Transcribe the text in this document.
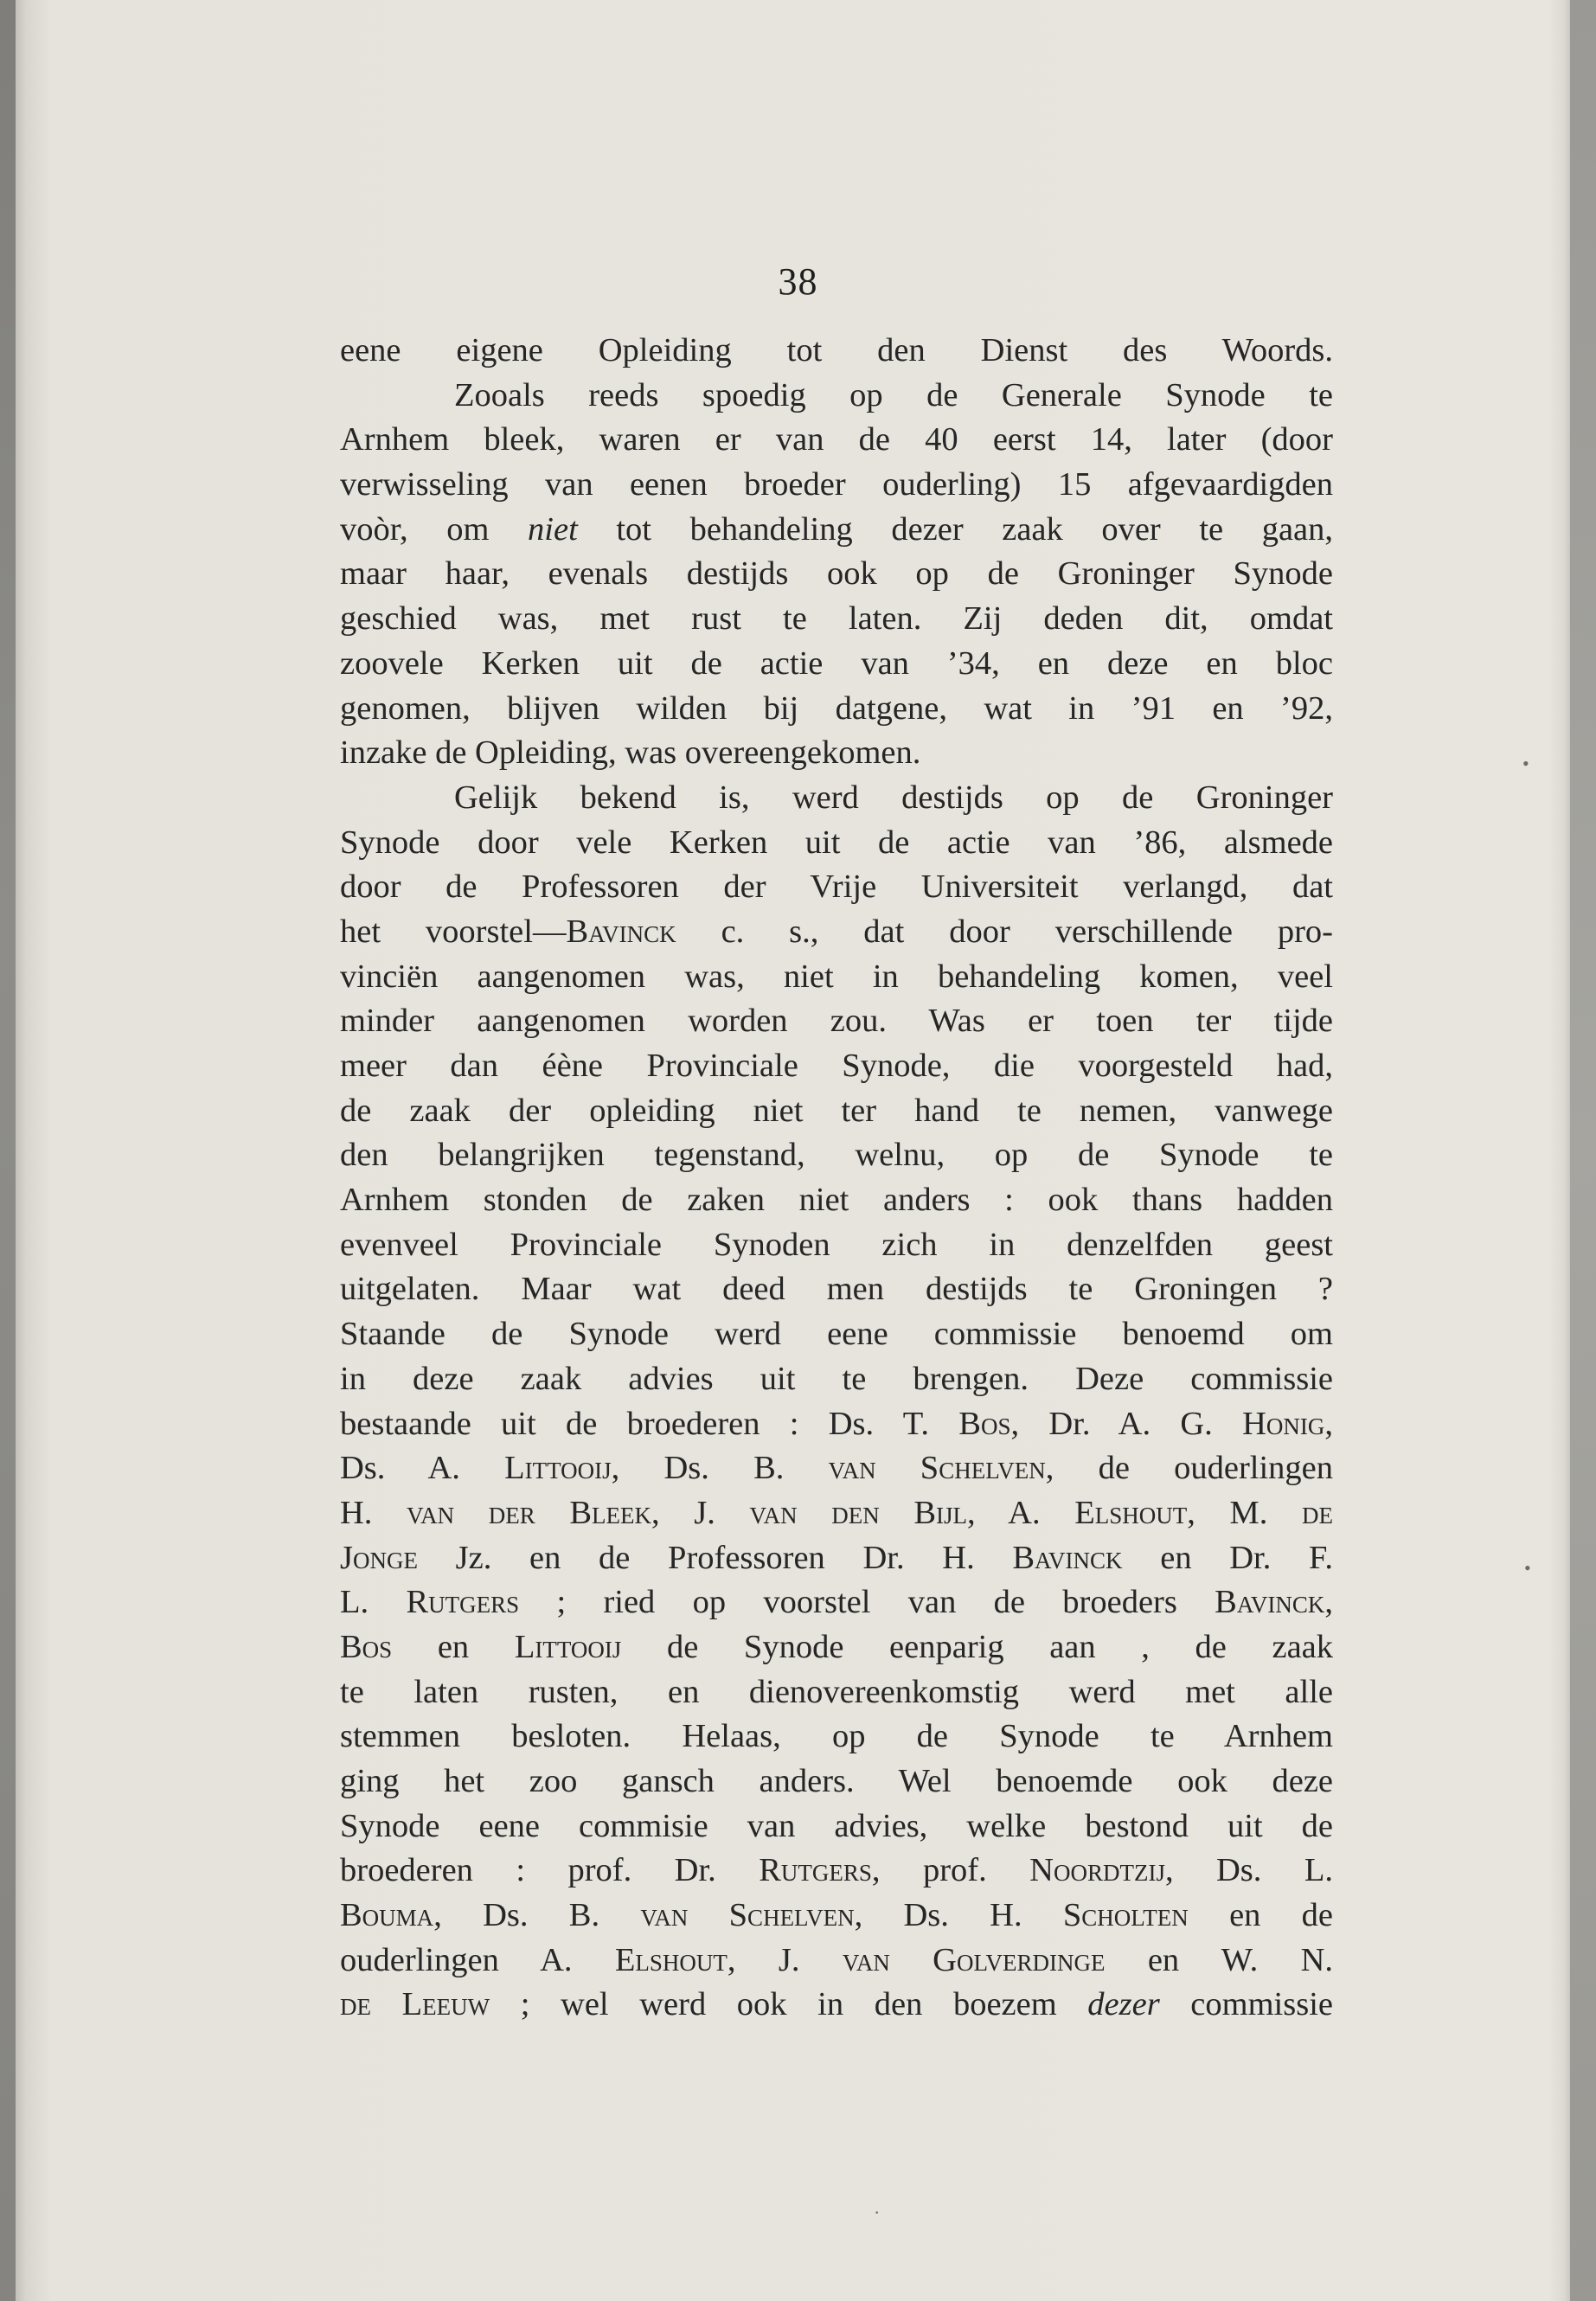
38
eene eigene Opleiding tot den Dienst des Woords.
Zooals reeds spoedig op de Generale Synode te
Arnhem bleek, waren er van de 40 eerst 14, later (door
verwisseling van eenen broeder ouderling) 15 afgevaardigden
voòr, om niet tot behandeling dezer zaak over te gaan,
maar haar, evenals destijds ook op de Groninger Synode
geschied was, met rust te laten. Zij deden dit, omdat
zoovele Kerken uit de actie van ’34, en deze en bloc
genomen, blijven wilden bij datgene, wat in ’91 en ’92,
inzake de Opleiding, was overeengekomen.
Gelijk bekend is, werd destijds op de Groninger
Synode door vele Kerken uit de actie van ’86, alsmede
door de Professoren der Vrije Universiteit verlangd, dat
het voorstel—Bavinck c. s., dat door verschillende pro-
vinciën aangenomen was, niet in behandeling komen, veel
minder aangenomen worden zou. Was er toen ter tijde
meer dan éène Provinciale Synode, die voorgesteld had,
de zaak der opleiding niet ter hand te nemen, vanwege
den belangrijken tegenstand, welnu, op de Synode te
Arnhem stonden de zaken niet anders : ook thans hadden
evenveel Provinciale Synoden zich in denzelfden geest
uitgelaten. Maar wat deed men destijds te Groningen ?
Staande de Synode werd eene commissie benoemd om
in deze zaak advies uit te brengen. Deze commissie
bestaande uit de broederen : Ds. T. Bos, Dr. A. G. Honig,
Ds. A. Littooij, Ds. B. van Schelven, de ouderlingen
H. van der Bleek, J. van den Bijl, A. Elshout, M. de
Jonge Jz. en de Professoren Dr. H. Bavinck en Dr. F.
L. Rutgers ; ried op voorstel van de broeders Bavinck,
Bos en Littooij de Synode eenparig aan , de zaak
te laten rusten, en dienovereenkomstig werd met alle
stemmen besloten. Helaas, op de Synode te Arnhem
ging het zoo gansch anders. Wel benoemde ook deze
Synode eene commisie van advies, welke bestond uit de
broederen : prof. Dr. Rutgers, prof. Noordtzij, Ds. L.
Bouma, Ds. B. van Schelven, Ds. H. Scholten en de
ouderlingen A. Elshout, J. van Golverdinge en W. N.
de Leeuw ; wel werd ook in den boezem dezer commissie
•
•
·
